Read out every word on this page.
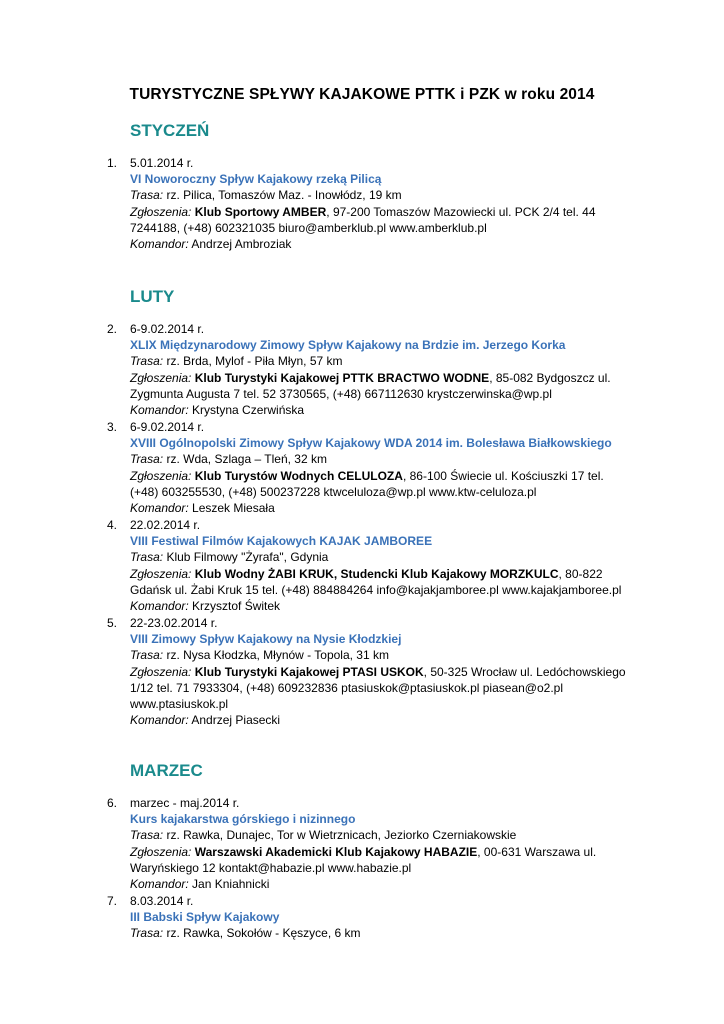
TURYSTYCZNE SPŁYWY KAJAKOWE PTTK i PZK w roku 2014
STYCZEŃ
1.	5.01.2014 r.
VI Noworoczny Spływ Kajakowy rzeką Pilicą
Trasa: rz. Pilica, Tomaszów Maz. - Inowłódz, 19 km
Zgłoszenia: Klub Sportowy AMBER, 97-200 Tomaszów Mazowiecki ul. PCK 2/4 tel. 44
7244188, (+48) 602321035 biuro@amberklub.pl www.amberklub.pl
Komandor: Andrzej Ambroziak
LUTY
2.	6-9.02.2014 r.
XLIX Międzynarodowy Zimowy Spływ Kajakowy na Brdzie im. Jerzego Korka
Trasa: rz. Brda, Mylof - Piła Młyn, 57 km
Zgłoszenia: Klub Turystyki Kajakowej PTTK BRACTWO WODNE, 85-082 Bydgoszcz ul.
Zygmunta Augusta 7 tel. 52 3730565, (+48) 667112630 krystczerwinska@wp.pl
Komandor: Krystyna Czerwińska
3.	6-9.02.2014 r.
XVIII Ogólnopolski Zimowy Spływ Kajakowy WDA 2014 im. Bolesława Białkowskiego
Trasa: rz. Wda, Szlaga – Tleń, 32 km
Zgłoszenia: Klub Turystów Wodnych CELULOZA, 86-100 Świecie ul. Kościuszki 17 tel.
(+48) 603255530, (+48) 500237228 ktwceluloza@wp.pl www.ktw-celuloza.pl
Komandor: Leszek Miesała
4.	22.02.2014 r.
VIII Festiwal Filmów Kajakowych KAJAK JAMBOREE
Trasa: Klub Filmowy "Żyrafa", Gdynia
Zgłoszenia: Klub Wodny ŻABI KRUK, Studencki Klub Kajakowy MORZKULC, 80-822
Gdańsk ul. Żabi Kruk 15 tel. (+48) 884884264 info@kajakjamboree.pl www.kajakjamboree.pl
Komandor: Krzysztof Świtek
5.	22-23.02.2014 r.
VIII Zimowy Spływ Kajakowy na Nysie Kłodzkiej
Trasa: rz. Nysa Kłodzka, Młynów - Topola, 31 km
Zgłoszenia: Klub Turystyki Kajakowej PTASI USKOK, 50-325 Wrocław ul. Ledóchowskiego
1/12 tel. 71 7933304, (+48) 609232836 ptasiuskok@ptasiuskok.pl piasean@o2.pl
www.ptasiuskok.pl
Komandor: Andrzej Piasecki
MARZEC
6.	marzec - maj.2014 r.
Kurs kajakarstwa górskiego i nizinnego
Trasa: rz. Rawka, Dunajec, Tor w Wietrznicach, Jeziorko Czerniakowskie
Zgłoszenia: Warszawski Akademicki Klub Kajakowy HABAZIE, 00-631 Warszawa ul.
Waryńskiego 12 kontakt@habazie.pl www.habazie.pl
Komandor: Jan Kniahnicki
7.	8.03.2014 r.
III Babski Spływ Kajakowy
Trasa: rz. Rawka, Sokołów - Kęszyce, 6 km
